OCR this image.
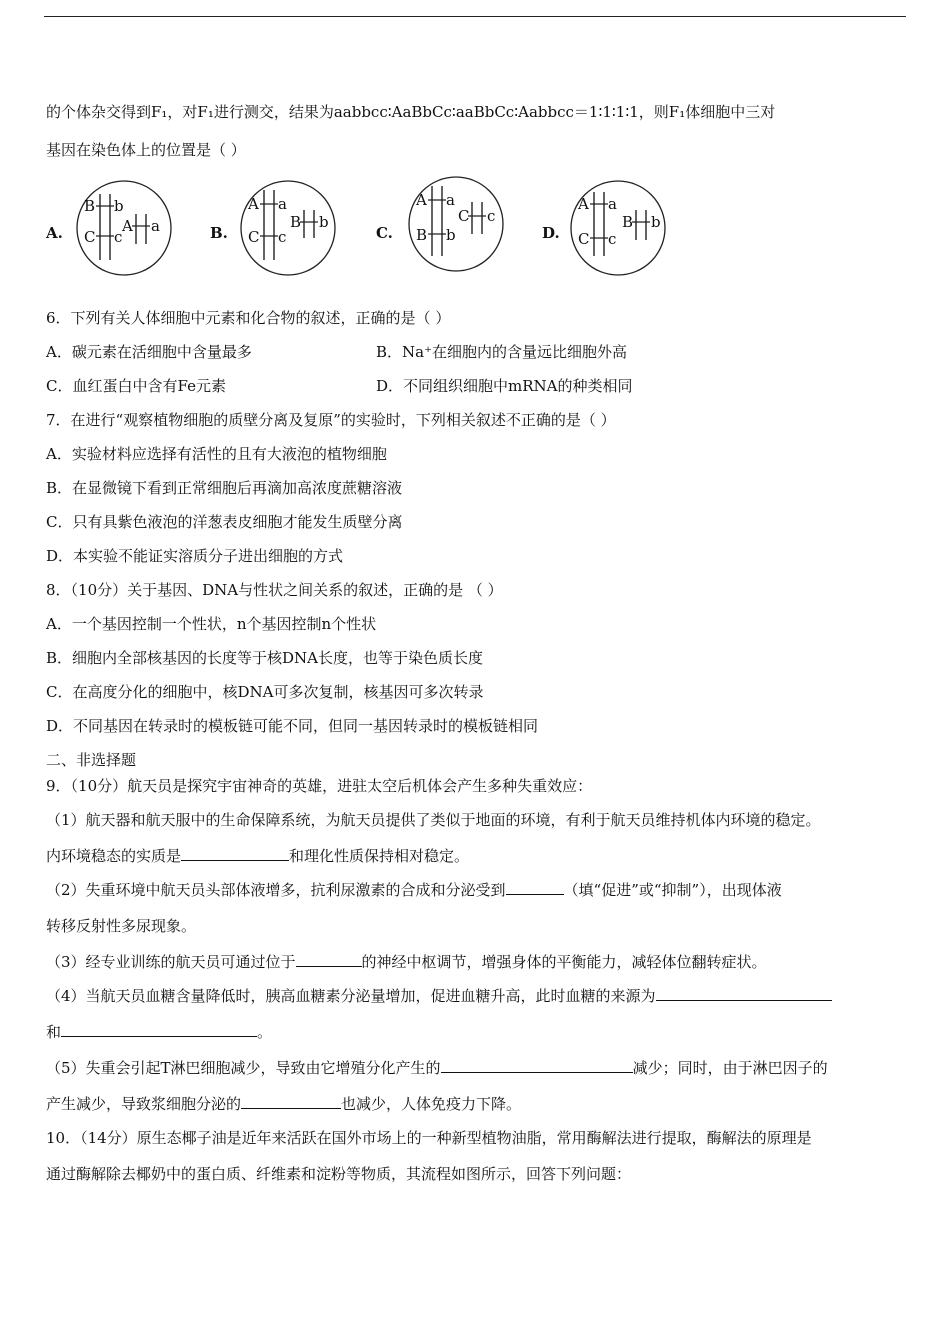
的个体杂交得到F₁，对F₁进行测交，结果为aabbcc∶AaBbCc∶aaBbCc∶Aabbcc＝1∶1∶1∶1，则F₁体细胞中三对
基因在染色体上的位置是（ ）
A.
B b
C c
A a	B.
A a
C c
B b
C.
A a
B b
C c
D.
A a
C c
B b
6．下列有关人体细胞中元素和化合物的叙述，正确的是（ ）
A．碳元素在活细胞中含量最多	B．Na⁺在细胞内的含量远比细胞外高
C．血红蛋白中含有Fe元素	D．不同组织细胞中mRNA的种类相同
7．在进行“观察植物细胞的质壁分离及复原”的实验时，下列相关叙述不正确的是（ ）
A．实验材料应选择有活性的且有大液泡的植物细胞
B．在显微镜下看到正常细胞后再滴加高浓度蔗糖溶液
C．只有具紫色液泡的洋葱表皮细胞才能发生质壁分离
D．本实验不能证实溶质分子进出细胞的方式
8．（10分）关于基因、DNA与性状之间关系的叙述，正确的是 （ ）
A．一个基因控制一个性状，n个基因控制n个性状
B．细胞内全部核基因的长度等于核DNA长度，也等于染色质长度
C．在高度分化的细胞中，核DNA可多次复制，核基因可多次转录
D．不同基因在转录时的模板链可能不同，但同一基因转录时的模板链相同
二、非选择题
9．（10分）航天员是探究宇宙神奇的英雄，进驻太空后机体会产生多种失重效应：
（1）航天器和航天服中的生命保障系统，为航天员提供了类似于地面的环境，有利于航天员维持机体内环境的稳定。
内环境稳态的实质是	和理化性质保持相对稳定。
（2）失重环境中航天员头部体液增多，抗利尿激素的合成和分泌受到	（填“促进”或“抑制”），出现体液
转移反射性多尿现象。
（3）经专业训练的航天员可通过位于	的神经中枢调节，增强身体的平衡能力，减轻体位翻转症状。
（4）当航天员血糖含量降低时，胰高血糖素分泌量增加，促进血糖升高，此时血糖的来源为
和	。
（5）失重会引起T淋巴细胞减少，导致由它增殖分化产生的	减少；同时，由于淋巴因子的
产生减少，导致浆细胞分泌的	也减少，人体免疫力下降。
10．（14分）原生态椰子油是近年来活跃在国外市场上的一种新型植物油脂，常用酶解法进行提取，酶解法的原理是
通过酶解除去椰奶中的蛋白质、纤维素和淀粉等物质，其流程如图所示，回答下列问题：
